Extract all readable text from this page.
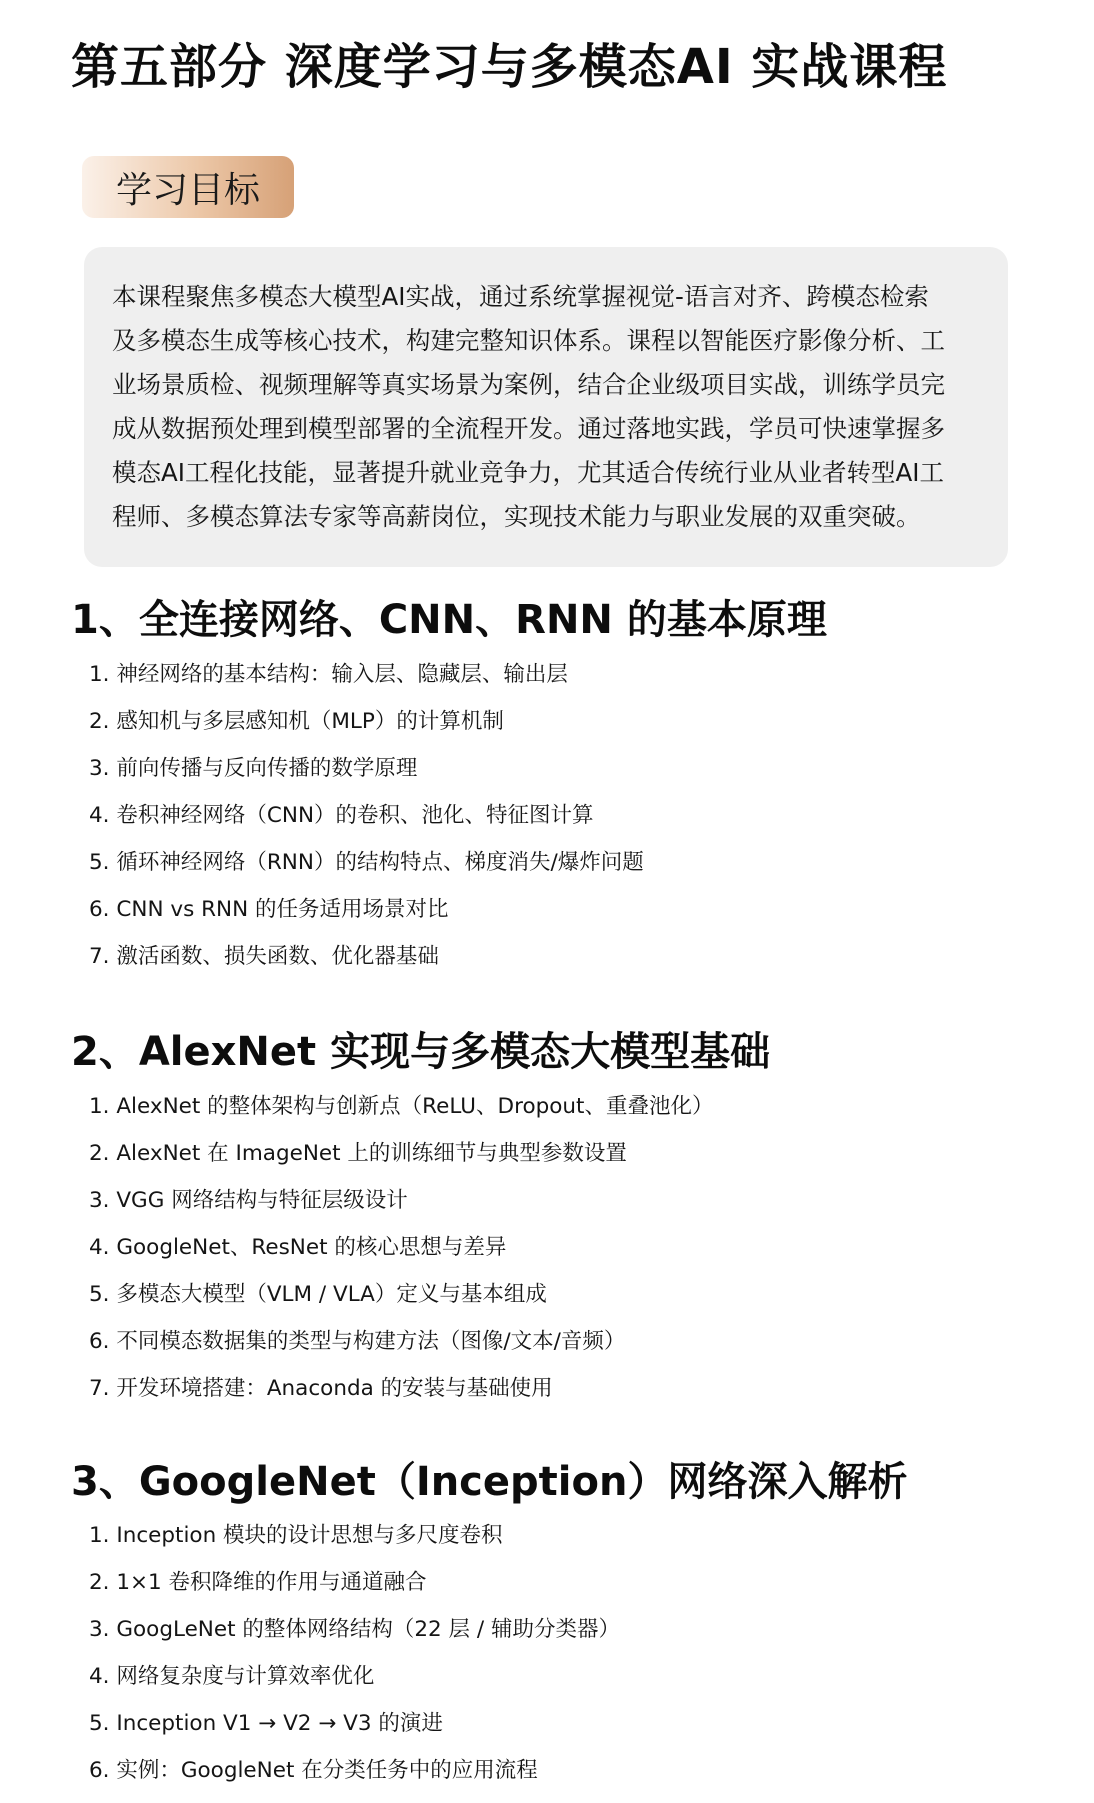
第五部分 深度学习与多模态AI 实战课程
学习目标

本课程聚焦多模态大模型AI实战，通过系统掌握视觉-语言对齐、跨模态检索
及多模态生成等核心技术，构建完整知识体系。课程以智能医疗影像分析、工
业场景质检、视频理解等真实场景为案例，结合企业级项目实战，训练学员完
成从数据预处理到模型部署的全流程开发。通过落地实践，学员可快速掌握多
模态AI工程化技能，显著提升就业竞争力，尤其适合传统行业从业者转型AI工
程师、多模态算法专家等高薪岗位，实现技术能力与职业发展的双重突破。

1、全连接网络、CNN、RNN 的基本原理
1. 神经网络的基本结构：输入层、隐藏层、输出层
2. 感知机与多层感知机（MLP）的计算机制
3. 前向传播与反向传播的数学原理
4. 卷积神经网络（CNN）的卷积、池化、特征图计算
5. 循环神经网络（RNN）的结构特点、梯度消失/爆炸问题
6. CNN vs RNN 的任务适用场景对比
7. 激活函数、损失函数、优化器基础
2、AlexNet 实现与多模态大模型基础
1. AlexNet 的整体架构与创新点（ReLU、Dropout、重叠池化）
2. AlexNet 在 ImageNet 上的训练细节与典型参数设置
3. VGG 网络结构与特征层级设计
4. GoogleNet、ResNet 的核心思想与差异
5. 多模态大模型（VLM / VLA）定义与基本组成
6. 不同模态数据集的类型与构建方法（图像/文本/音频）
7. 开发环境搭建：Anaconda 的安装与基础使用
3、GoogleNet（Inception）网络深入解析
1. Inception 模块的设计思想与多尺度卷积
2. 1×1 卷积降维的作用与通道融合
3. GoogLeNet 的整体网络结构（22 层 / 辅助分类器）
4. 网络复杂度与计算效率优化
5. Inception V1 → V2 → V3 的演进
6. 实例：GoogleNet 在分类任务中的应用流程
